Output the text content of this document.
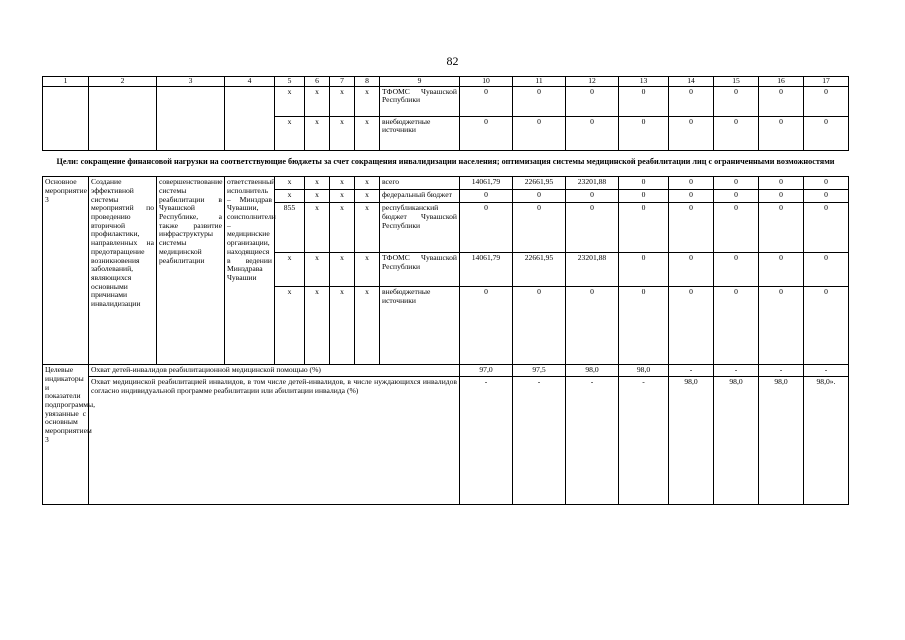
82
1	2	3	4	5	6	7	8	9	10	11	12	13	14	15	16	17
				х	х	х	х	ТФОМС Чувашской Республики	0	0	0	0	0	0	0	0
				х	х	х	х	внебюджетные источники	0	0	0	0	0	0	0	0
Цели: сокращение финансовой нагрузки на соответствующие бюджеты за счет сокращения инвалидизации населения; оптимизация системы медицинской реабилитации лиц с ограниченными возможностями																
Основное мероприятие 3	Создание эффективной системы мероприятий по проведению вторичной профилактики, направленных на предотвращение возникновения заболеваний, являющихся основными причинами инвалидизации	совершенствование системы реабилитации в Чувашской Республике, а также развитие инфраструктуры системы медицинской реабилитации	ответственный исполнитель – Минздрав Чувашии, соисполнители – медицинские организации, находящиеся в ведении Минздрава Чувашии	х	х	х	х	всего	14061,79	22661,95	23201,88	0	0	0	0	0
				х	х	х	х	федеральный бюджет	0	0	0	0	0	0	0	0
				855	х	х	х	республиканский бюджет Чувашской Республики	0	0	0	0	0	0	0	0
				х	х	х	х	ТФОМС Чувашской Республики	14061,79	22661,95	23201,88	0	0	0	0	0
				х	х	х	х	внебюджетные источники	0	0	0	0	0	0	0	0
Целевые индикаторы и показатели подпрограммы, увязанные с основным мероприятием 3	Охват детей-инвалидов реабилитационной медицинской помощью (%)								97,0	97,5	98,0	98,0	-	-	-	-
	Охват медицинской реабилитацией инвалидов, в том числе детей-инвалидов, в числе нуждающихся инвалидов согласно индивидуальной программе реабилитации или абилитации инвалида (%)								-	-	-	-	98,0	98,0	98,0	98,0».
